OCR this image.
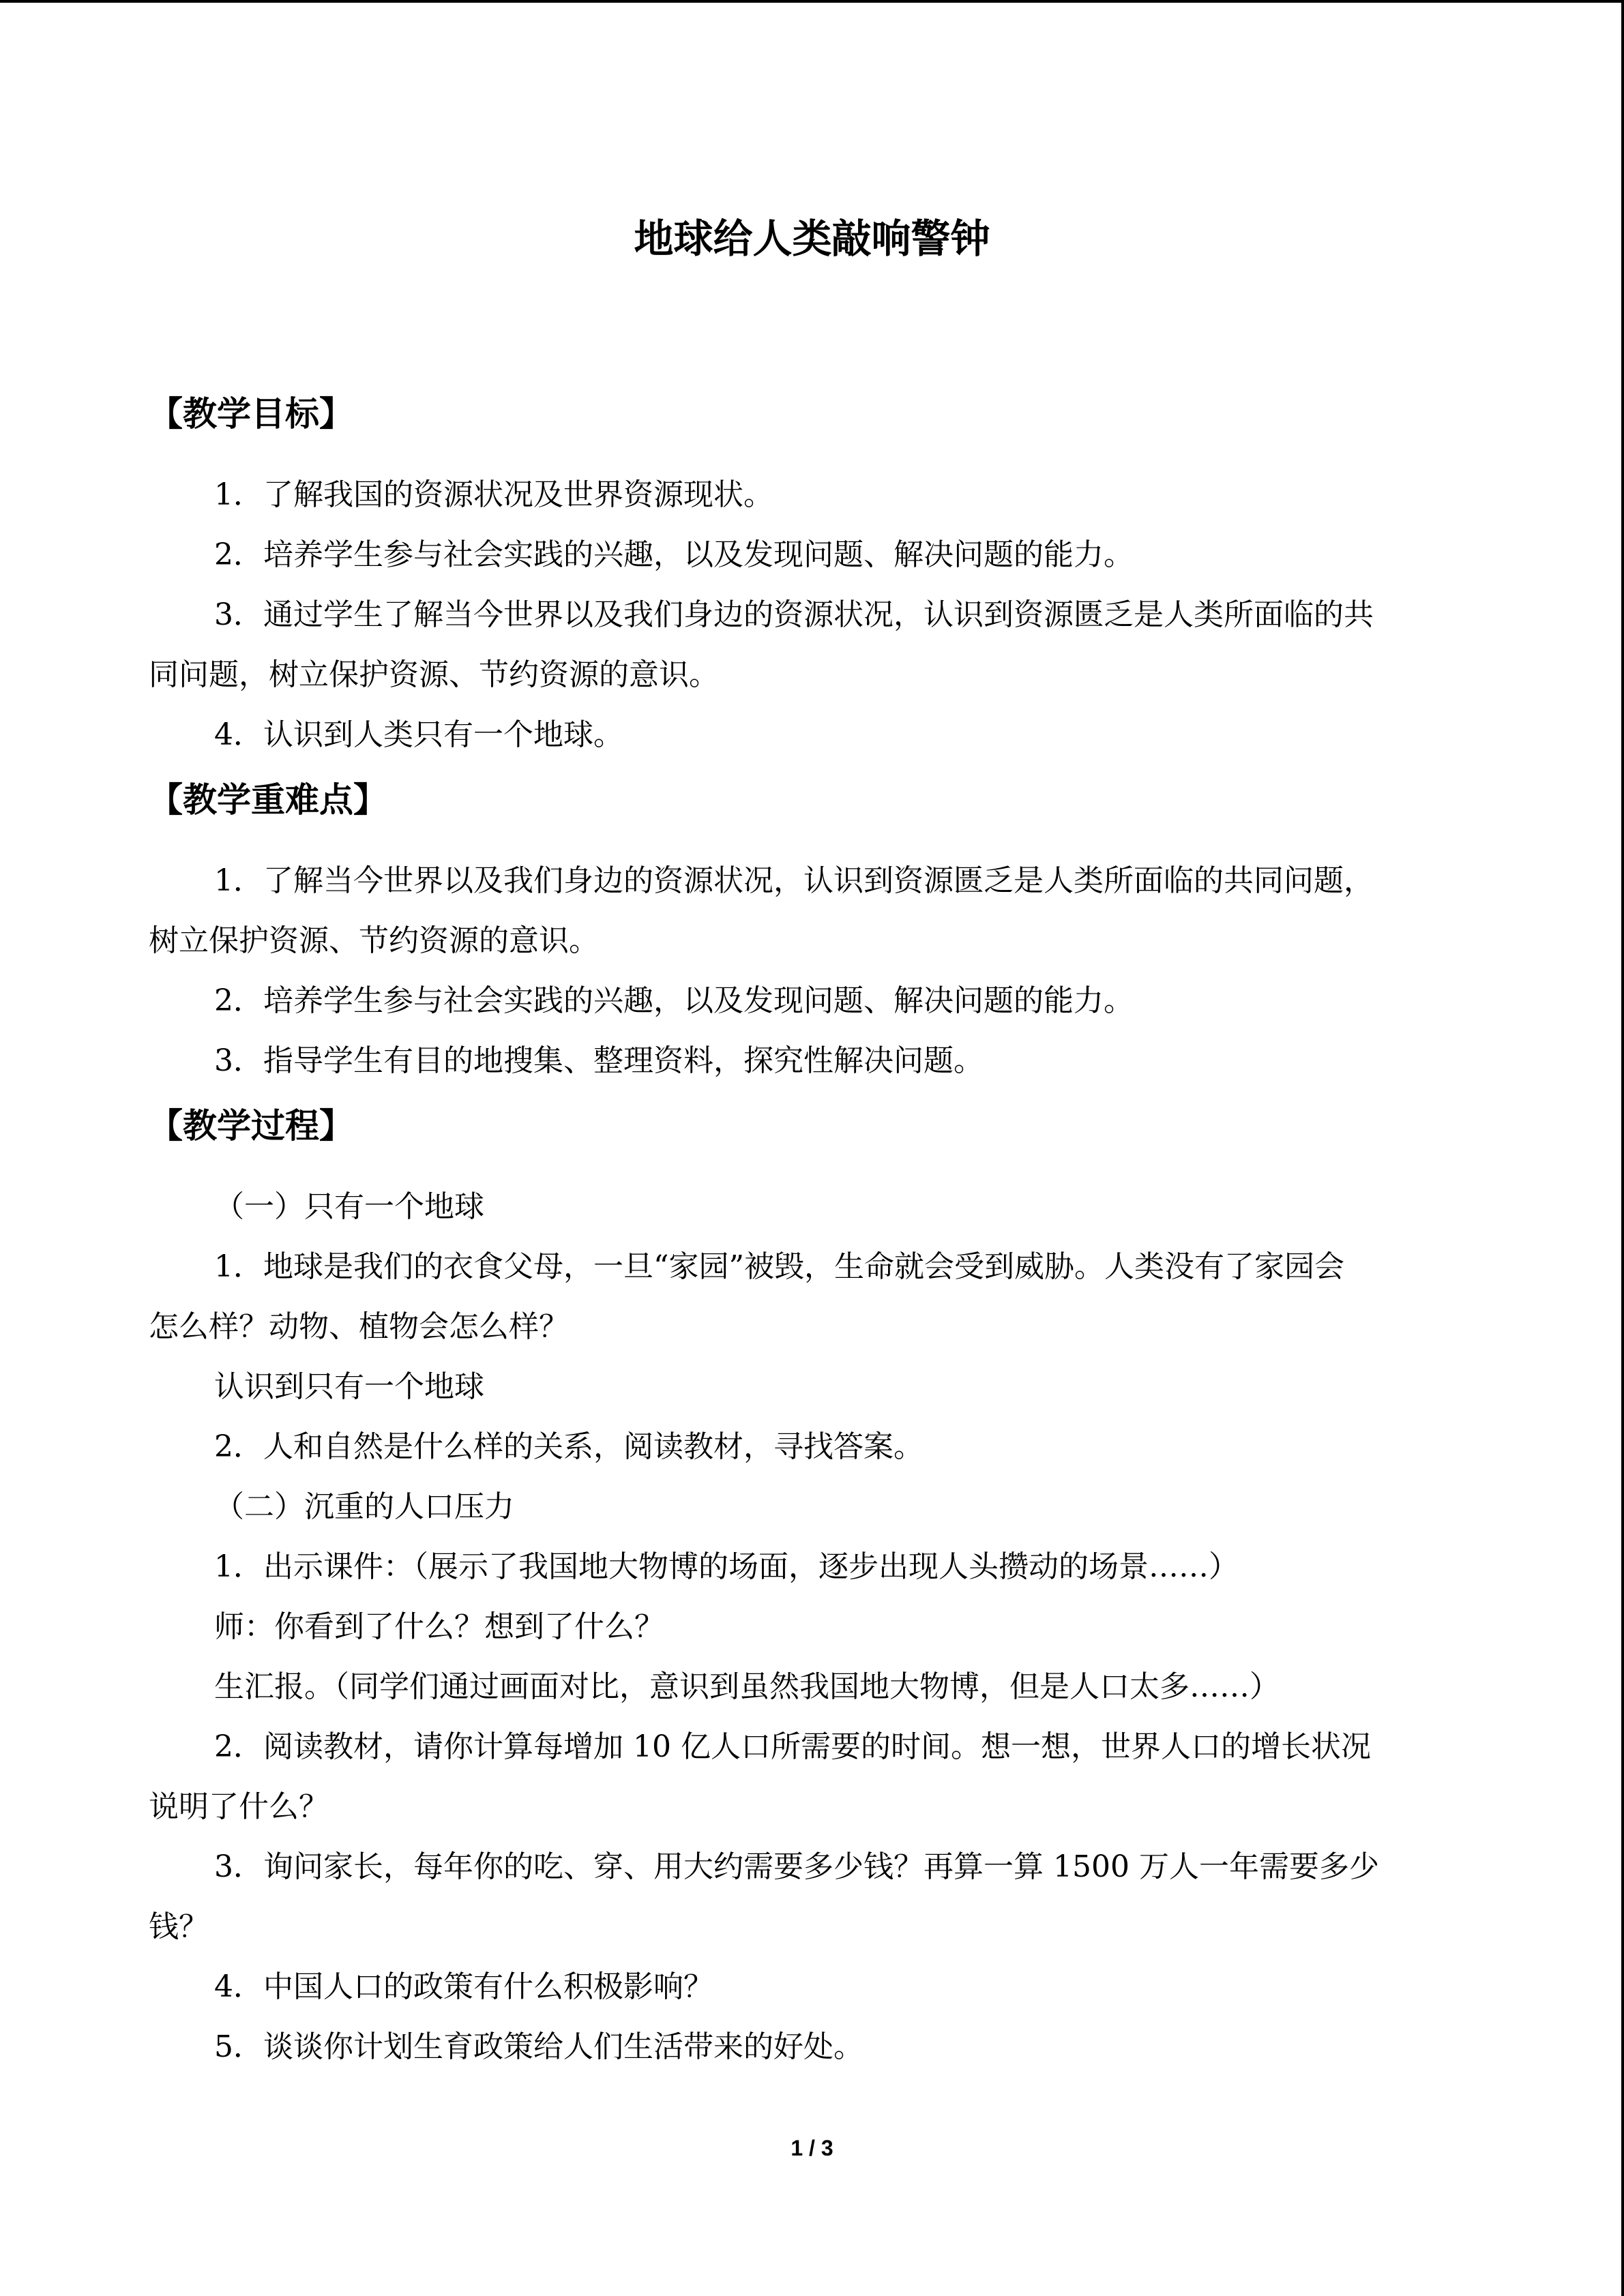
地球给人类敲响警钟
【教学目标】
1．了解我国的资源状况及世界资源现状。
2．培养学生参与社会实践的兴趣，以及发现问题、解决问题的能力。
3．通过学生了解当今世界以及我们身边的资源状况，认识到资源匮乏是人类所面临的共
同问题，树立保护资源、节约资源的意识。
4．认识到人类只有一个地球。
【教学重难点】
1．了解当今世界以及我们身边的资源状况，认识到资源匮乏是人类所面临的共同问题，
树立保护资源、节约资源的意识。
2．培养学生参与社会实践的兴趣，以及发现问题、解决问题的能力。
3．指导学生有目的地搜集、整理资料，探究性解决问题。
【教学过程】
（一）只有一个地球
1．地球是我们的衣食父母，一旦“家园”被毁，生命就会受到威胁。人类没有了家园会
怎么样？动物、植物会怎么样？
认识到只有一个地球
2．人和自然是什么样的关系，阅读教材，寻找答案。
（二）沉重的人口压力
1．出示课件：（展示了我国地大物博的场面，逐步出现人头攒动的场景……）
师：你看到了什么？想到了什么？
生汇报。（同学们通过画面对比，意识到虽然我国地大物博，但是人口太多……）
2．阅读教材，请你计算每增加 10 亿人口所需要的时间。想一想，世界人口的增长状况
说明了什么？
3．询问家长，每年你的吃、穿、用大约需要多少钱？再算一算 1500 万人一年需要多少
钱？
4．中国人口的政策有什么积极影响？
5．谈谈你计划生育政策给人们生活带来的好处。
1 / 3
